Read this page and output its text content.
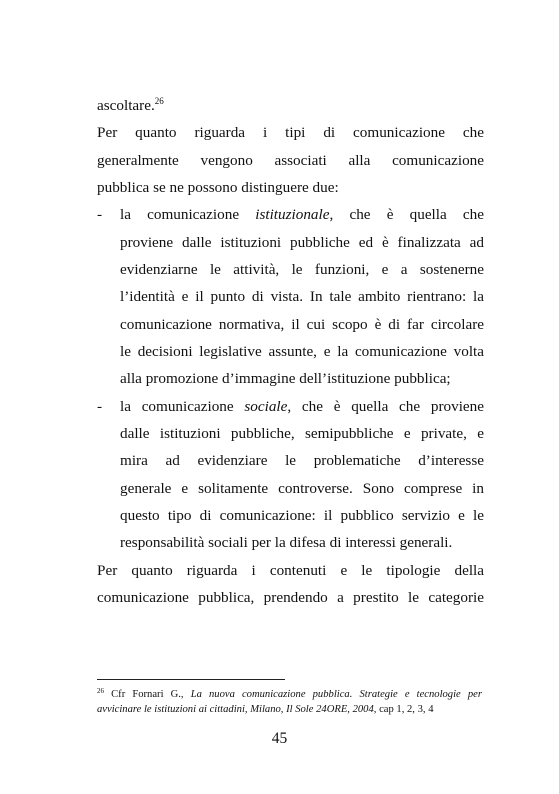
ascoltare.$^{26}$
Per quanto riguarda i tipi di comunicazione che
generalmente vengono associati alla comunicazione
pubblica se ne possono distinguere due:
- la comunicazione istituzionale, che è quella che
proviene dalle istituzioni pubbliche ed è finalizzata ad
evidenziarne le attività, le funzioni, e a sostenerne
l’identità e il punto di vista. In tale ambito rientrano: la
comunicazione normativa, il cui scopo è di far circolare
le decisioni legislative assunte, e la comunicazione volta
alla promozione d’immagine dell’istituzione pubblica;
- la comunicazione sociale, che è quella che proviene
dalle istituzioni pubbliche, semipubbliche e private, e
mira ad evidenziare le problematiche d’interesse
generale e solitamente controverse. Sono comprese in
questo tipo di comunicazione: il pubblico servizio e le
responsabilità sociali per la difesa di interessi generali.
Per quanto riguarda i contenuti e le tipologie della
comunicazione pubblica, prendendo a prestito le categorie
$^{26}$ Cfr Fornari G., La nuova comunicazione pubblica. Strategie e tecnologie per
avvicinare le istituzioni ai cittadini, Milano, Il Sole 24ORE, 2004, cap 1, 2, 3, 4
45
